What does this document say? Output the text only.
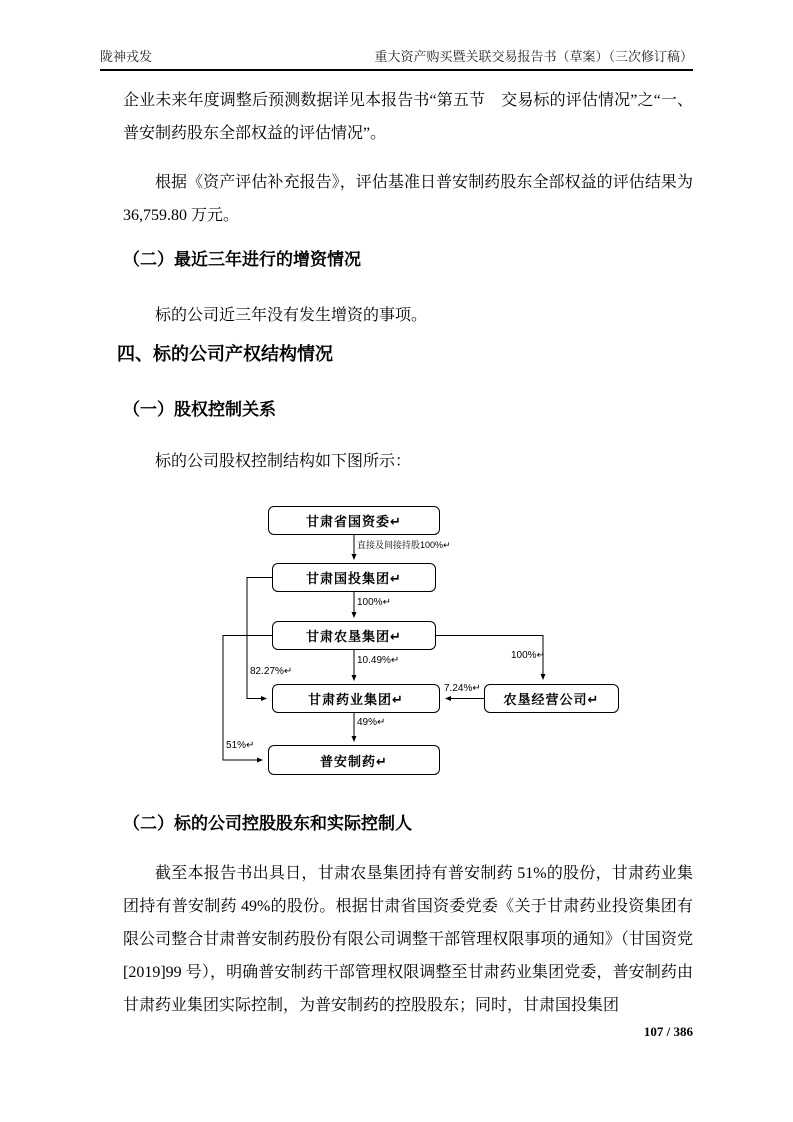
陇神戎发	重大资产购买暨关联交易报告书（草案）（三次修订稿）

企业未来年度调整后预测数据详见本报告书“第五节　交易标的评估情况”之“一、普安制药股东全部权益的评估情况”。

根据《资产评估补充报告》，评估基准日普安制药股东全部权益的评估结果为 36,759.80 万元。

（二）最近三年进行的增资情况

标的公司近三年没有发生增资的事项。

四、标的公司产权结构情况
（一）股权控制关系

标的公司股权控制结构如下图所示：

甘肃省国资委↵
甘肃国投集团↵
甘肃农垦集团↵
甘肃药业集团↵	农垦经营公司↵
普安制药↵
直接及间接持股100%↵
100%↵
10.49%↵
82.27%↵
100%↵
7.24%↵
49%↵
51%↵
（二）标的公司控股股东和实际控制人

截至本报告书出具日，甘肃农垦集团持有普安制药 51%的股份，甘肃药业集团持有普安制药 49%的股份。根据甘肃省国资委党委《关于甘肃药业投资集团有限公司整合甘肃普安制药股份有限公司调整干部管理权限事项的通知》（甘国资党[2019]99 号），明确普安制药干部管理权限调整至甘肃药业集团党委，普安制药由甘肃药业集团实际控制，为普安制药的控股股东；同时，甘肃国投集团

107 / 386
